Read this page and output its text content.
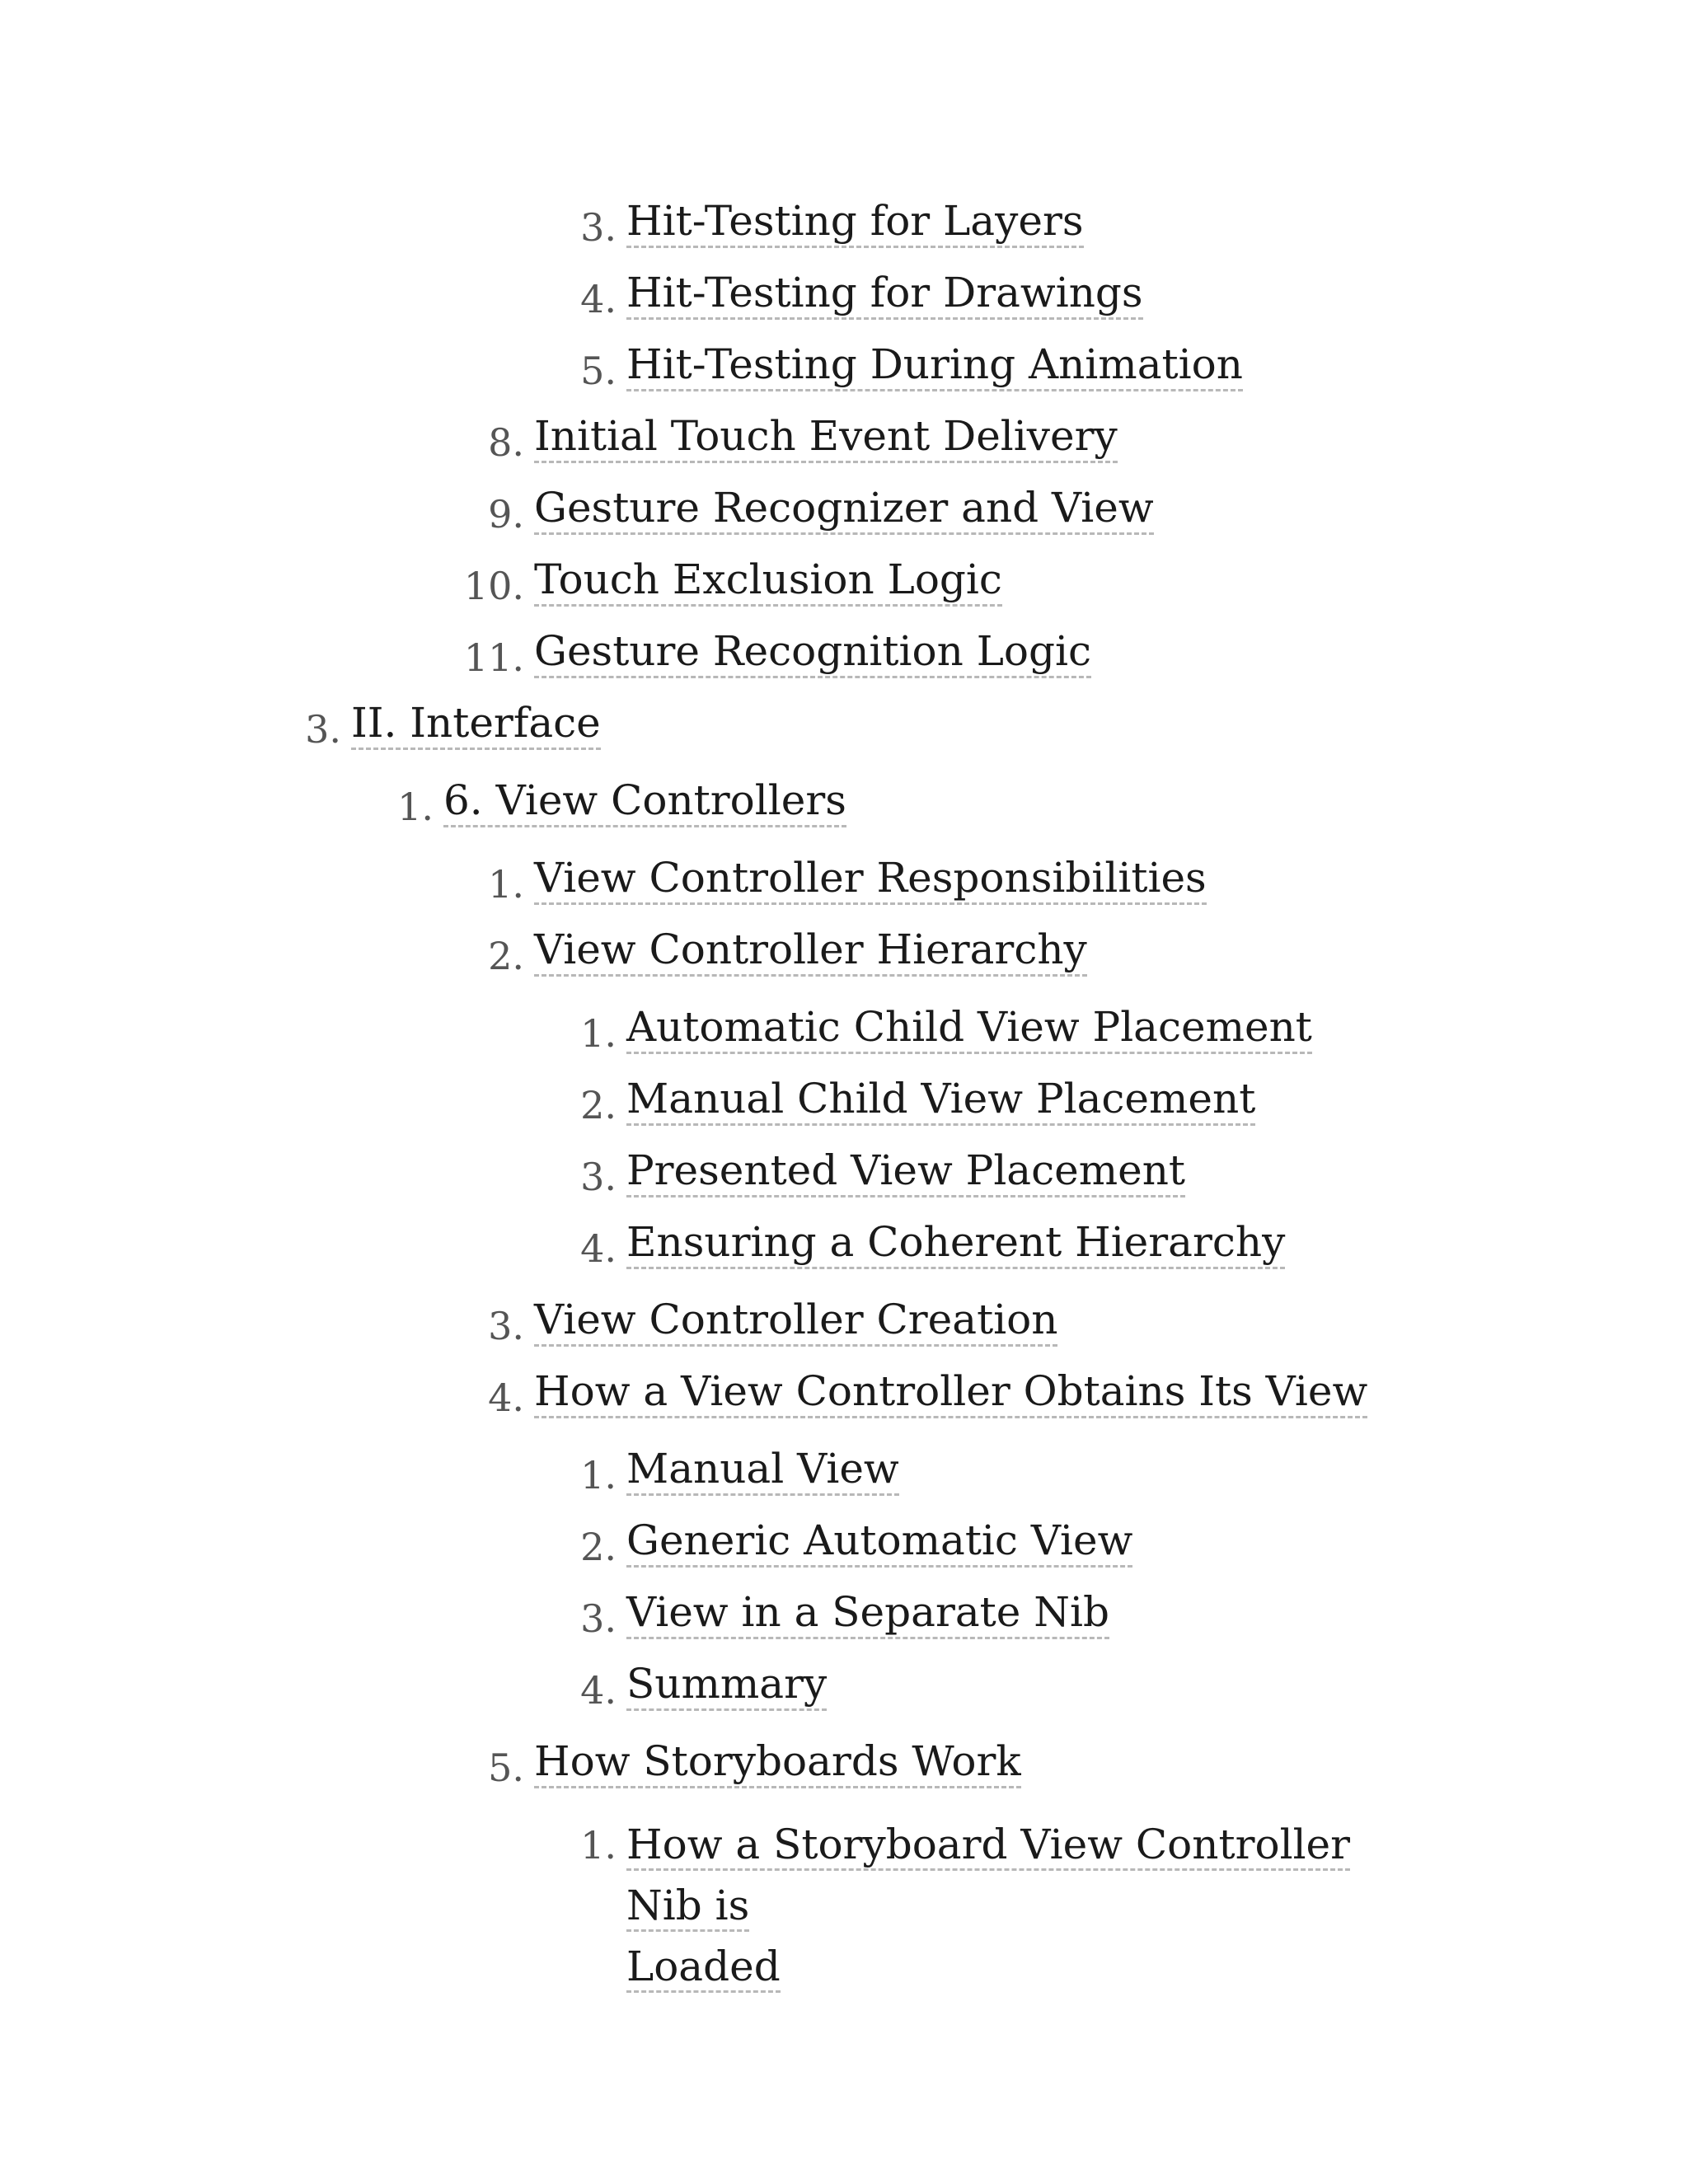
3. Hit-Testing for Layers
4. Hit-Testing for Drawings
5. Hit-Testing During Animation
8. Initial Touch Event Delivery
9. Gesture Recognizer and View
10. Touch Exclusion Logic
11. Gesture Recognition Logic
3. II. Interface
1. 6. View Controllers
1. View Controller Responsibilities
2. View Controller Hierarchy
1. Automatic Child View Placement
2. Manual Child View Placement
3. Presented View Placement
4. Ensuring a Coherent Hierarchy
3. View Controller Creation
4. How a View Controller Obtains Its View
1. Manual View
2. Generic Automatic View
3. View in a Separate Nib
4. Summary
5. How Storyboards Work
1. How a Storyboard View Controller Nib is
Loaded
